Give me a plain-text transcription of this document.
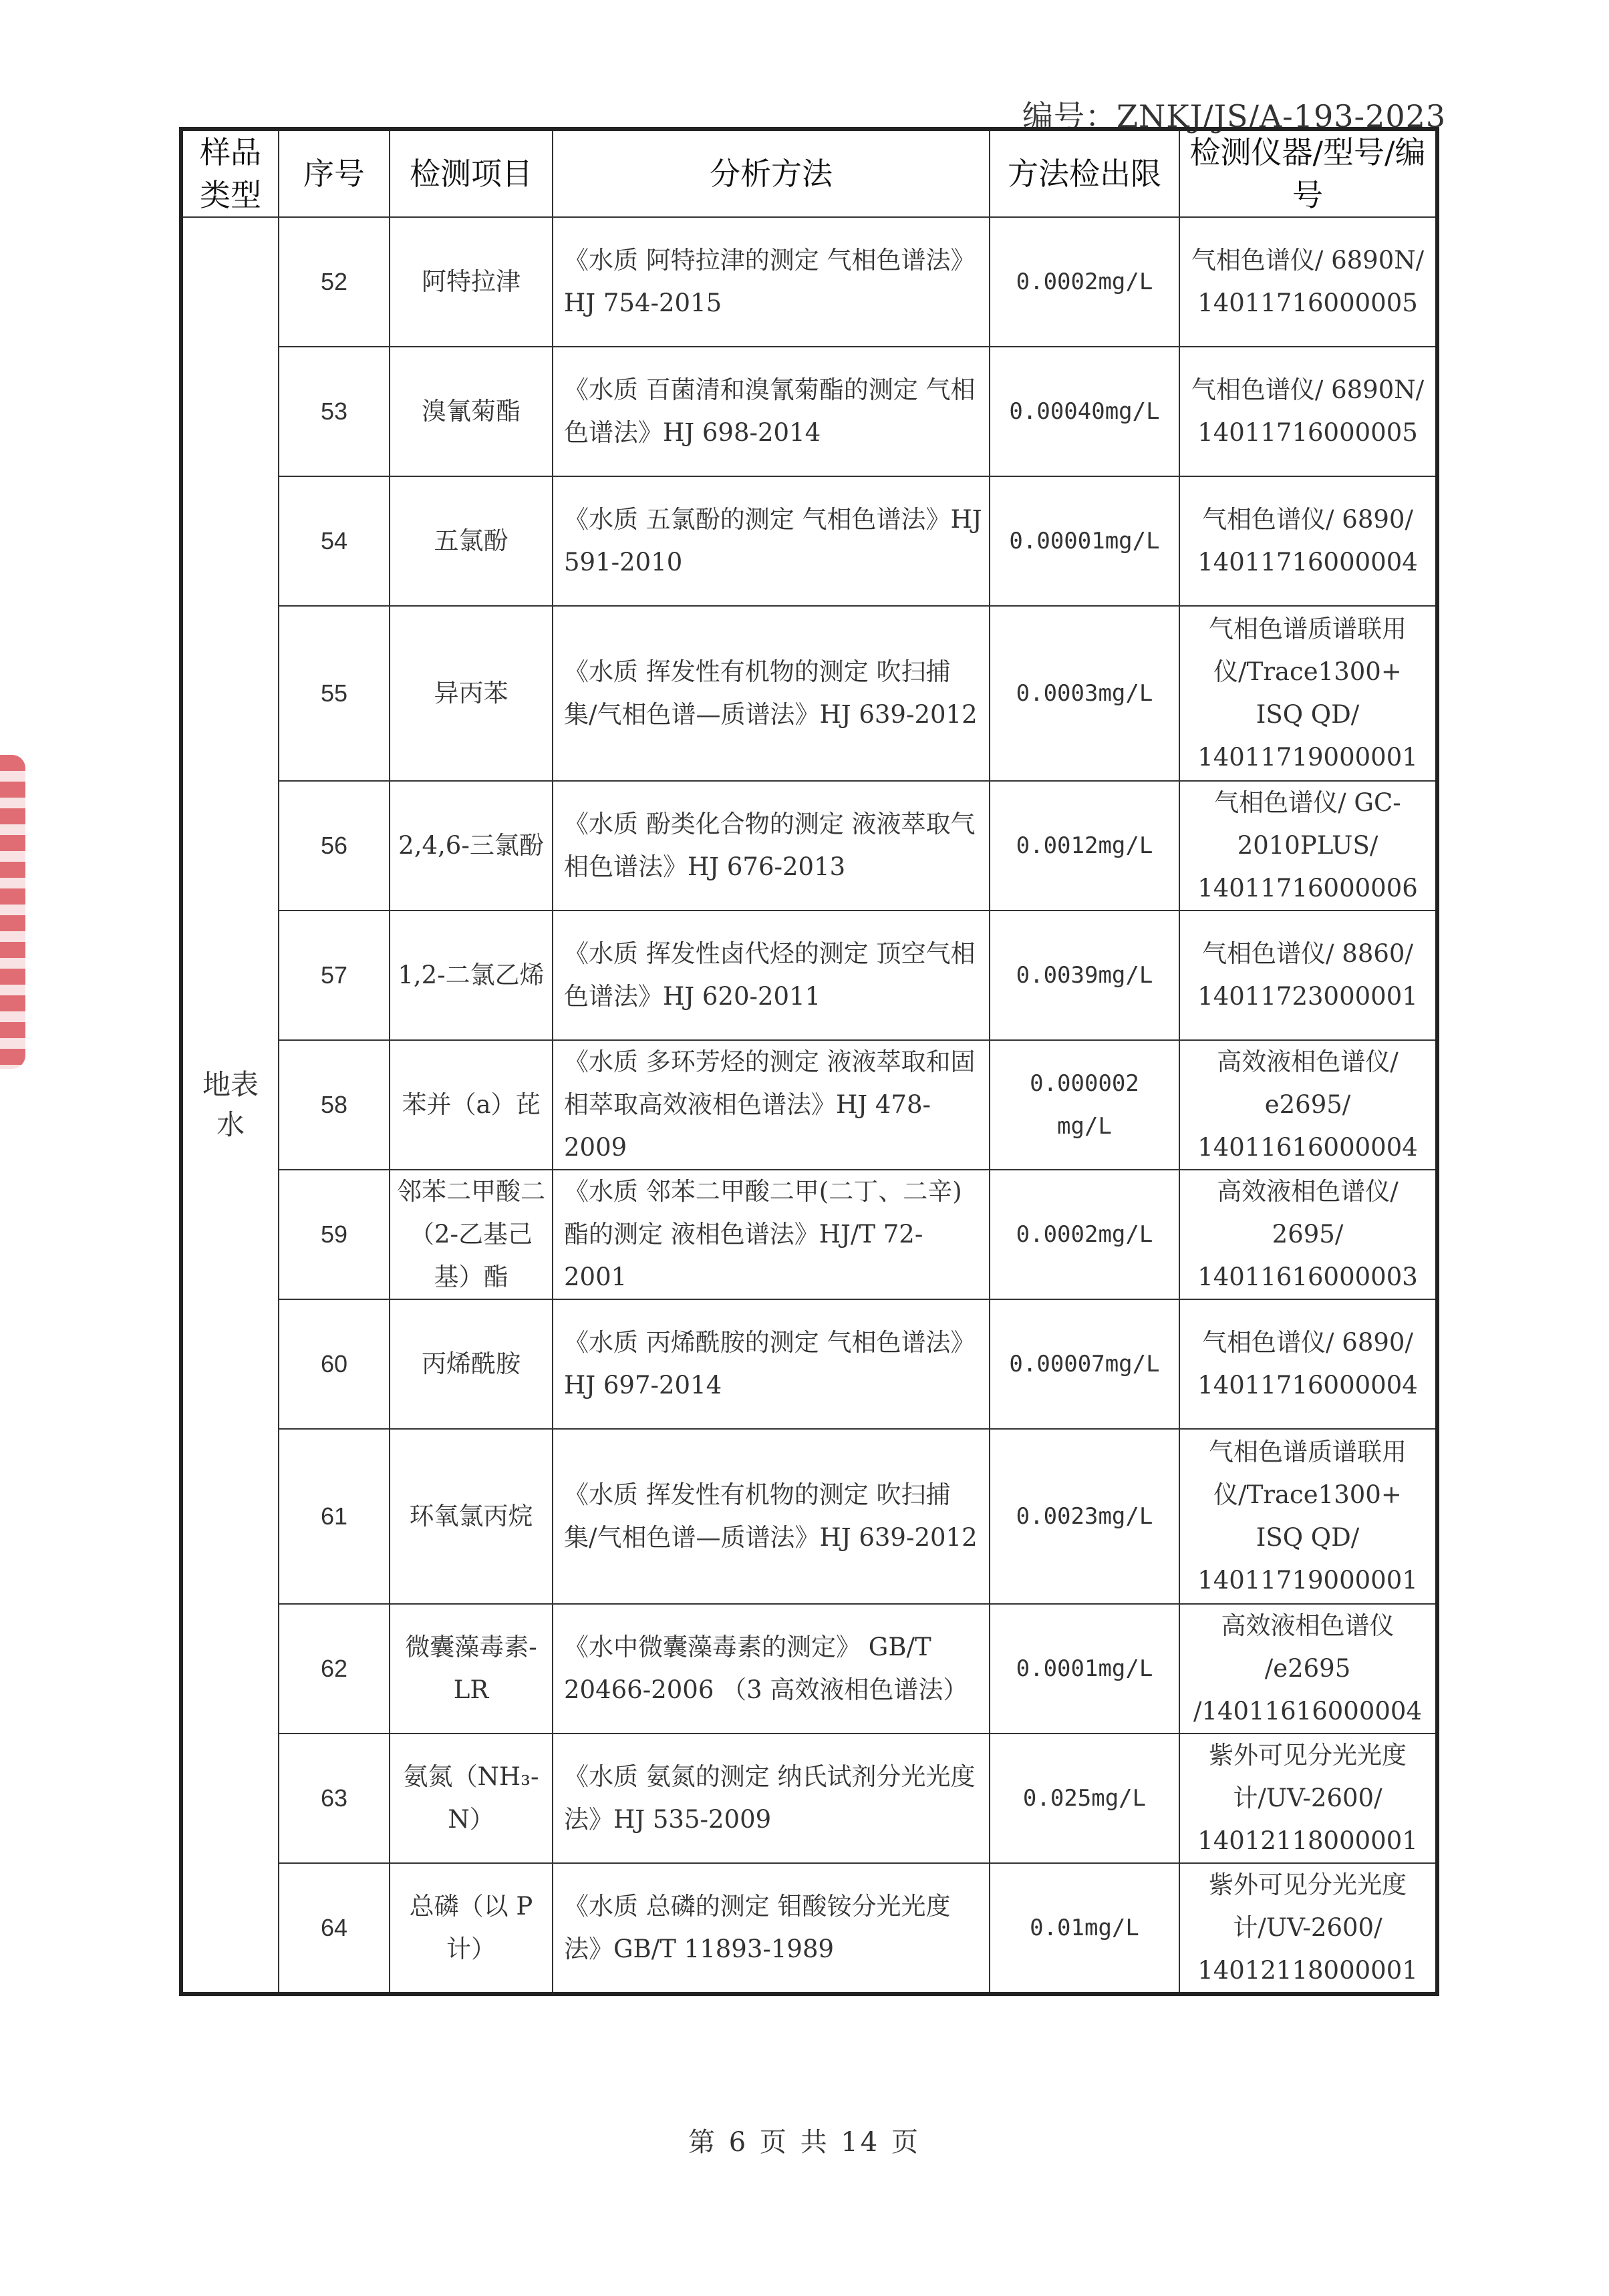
编号：ZNKJ/JS/A-193-2023
样品类型	序号	检测项目	分析方法	方法检出限	检测仪器/型号/编号
地表水	52	阿特拉津	《水质 阿特拉津的测定 气相色谱法》HJ 754-2015	0.0002mg/L	气相色谱仪/ 6890N/ 14011716000005
	53	溴氰菊酯	《水质 百菌清和溴氰菊酯的测定 气相色谱法》HJ 698-2014	0.00040mg/L	气相色谱仪/ 6890N/ 14011716000005
	54	五氯酚	《水质 五氯酚的测定 气相色谱法》HJ 591-2010	0.00001mg/L	气相色谱仪/ 6890/ 14011716000004
	55	异丙苯	《水质 挥发性有机物的测定 吹扫捕集/气相色谱—质谱法》HJ 639-2012	0.0003mg/L	气相色谱质谱联用仪/Trace1300+ ISQ QD/ 14011719000001
	56	2,4,6-三氯酚	《水质 酚类化合物的测定 液液萃取气相色谱法》HJ 676-2013	0.0012mg/L	气相色谱仪/ GC-2010PLUS/ 14011716000006
	57	1,2-二氯乙烯	《水质 挥发性卤代烃的测定 顶空气相色谱法》HJ 620-2011	0.0039mg/L	气相色谱仪/ 8860/ 14011723000001
	58	苯并（a）芘	《水质 多环芳烃的测定 液液萃取和固相萃取高效液相色谱法》HJ 478-2009	0.000002 mg/L	高效液相色谱仪/ e2695/ 14011616000004
	59	邻苯二甲酸二（2-乙基己基）酯	《水质 邻苯二甲酸二甲(二丁、二辛)酯的测定 液相色谱法》HJ/T 72-2001	0.0002mg/L	高效液相色谱仪/ 2695/ 14011616000003
	60	丙烯酰胺	《水质 丙烯酰胺的测定 气相色谱法》 HJ 697-2014	0.00007mg/L	气相色谱仪/ 6890/ 14011716000004
	61	环氧氯丙烷	《水质 挥发性有机物的测定 吹扫捕集/气相色谱—质谱法》HJ 639-2012	0.0023mg/L	气相色谱质谱联用仪/Trace1300+ ISQ QD/ 14011719000001
	62	微囊藻毒素-LR	《水中微囊藻毒素的测定》 GB/T 20466-2006 （3 高效液相色谱法）	0.0001mg/L	高效液相色谱仪 /e2695 /14011616000004
	63	氨氮（NH₃-N）	《水质 氨氮的测定 纳氏试剂分光光度法》HJ 535-2009	0.025mg/L	紫外可见分光光度计/UV-2600/ 14012118000001
	64	总磷（以 P 计）	《水质 总磷的测定 钼酸铵分光光度法》GB/T 11893-1989	0.01mg/L	紫外可见分光光度计/UV-2600/ 14012118000001
第 6 页 共 14 页
